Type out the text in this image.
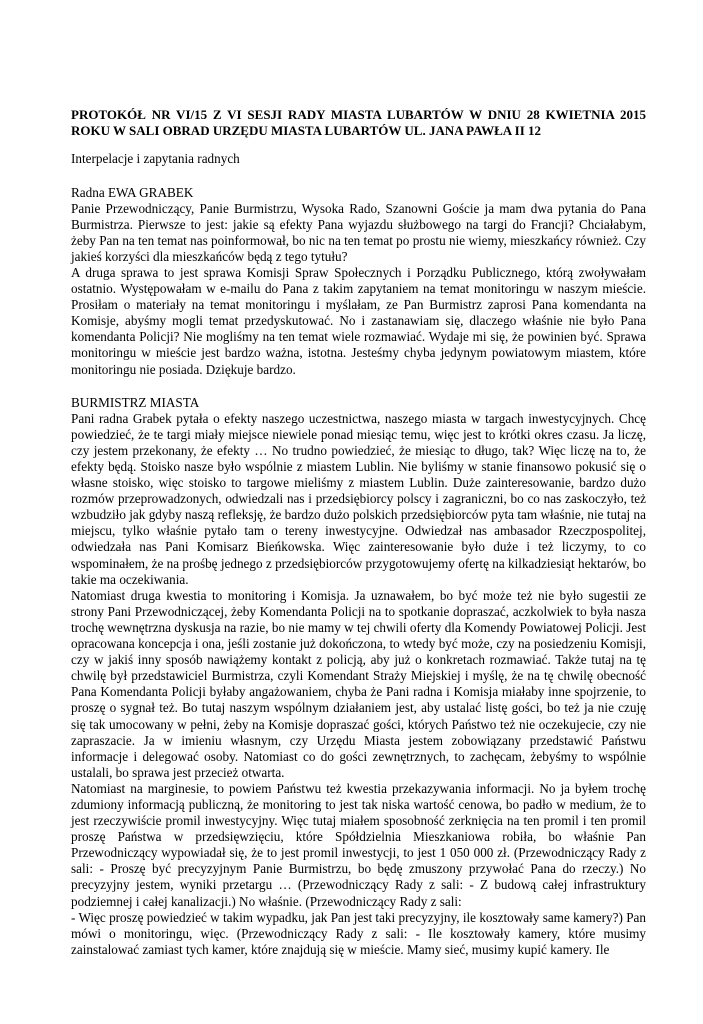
PROTOKÓŁ NR VI/15 Z VI SESJI RADY MIASTA LUBARTÓW W DNIU 28 KWIETNIA 2015 ROKU W SALI OBRAD URZĘDU MIASTA LUBARTÓW UL. JANA PAWŁA II 12

Interpelacje i zapytania radnych

Radna EWA GRABEK

Panie Przewodniczący, Panie Burmistrzu, Wysoka Rado, Szanowni Goście ja mam dwa pytania do Pana Burmistrza. Pierwsze to jest: jakie są efekty Pana wyjazdu służbowego na targi do Francji? Chciałabym, żeby Pan na ten temat nas poinformował, bo nic na ten temat po prostu nie wiemy, mieszkańcy również. Czy jakieś korzyści dla mieszkańców będą z tego tytułu?

A druga sprawa to jest sprawa Komisji Spraw Społecznych i Porządku Publicznego, którą zwoływałam ostatnio. Występowałam w e-mailu do Pana z takim zapytaniem na temat monitoringu w naszym mieście. Prosiłam o materiały na temat monitoringu i myślałam, ze Pan Burmistrz zaprosi Pana komendanta na Komisje, abyśmy mogli temat przedyskutować. No i zastanawiam się, dlaczego właśnie nie było Pana komendanta Policji? Nie mogliśmy na ten temat wiele rozmawiać. Wydaje mi się, że powinien być. Sprawa monitoringu w mieście jest bardzo ważna, istotna. Jesteśmy chyba jedynym powiatowym miastem, które monitoringu nie posiada. Dziękuje bardzo.

BURMISTRZ MIASTA

Pani radna Grabek pytała o efekty naszego uczestnictwa, naszego miasta w targach inwestycyjnych. Chcę powiedzieć, że te targi miały miejsce niewiele ponad miesiąc temu, więc jest to krótki okres czasu. Ja liczę, czy jestem przekonany, że efekty … No trudno powiedzieć, że miesiąc to długo, tak? Więc liczę na to, że efekty będą. Stoisko nasze było wspólnie z miastem Lublin. Nie byliśmy w stanie finansowo pokusić się o własne stoisko, więc stoisko to targowe mieliśmy z miastem Lublin. Duże zainteresowanie, bardzo dużo rozmów przeprowadzonych, odwiedzali nas i przedsiębiorcy polscy i zagraniczni, bo co nas zaskoczyło, też wzbudziło jak gdyby naszą refleksję, że bardzo dużo polskich przedsiębiorców pyta tam właśnie, nie tutaj na miejscu, tylko właśnie pytało tam o tereny inwestycyjne. Odwiedzał nas ambasador Rzeczpospolitej, odwiedzała nas Pani Komisarz Bieńkowska. Więc zainteresowanie było duże i też liczymy, to co wspominałem, że na prośbę jednego z przedsiębiorców przygotowujemy ofertę na kilkadziesiąt hektarów, bo takie ma oczekiwania.

Natomiast druga kwestia to monitoring i Komisja. Ja uznawałem, bo być może też nie było sugestii ze strony Pani Przewodniczącej, żeby Komendanta Policji na to spotkanie dopraszać, aczkolwiek to była nasza trochę wewnętrzna dyskusja na razie, bo nie mamy w tej chwili oferty dla Komendy Powiatowej Policji. Jest opracowana koncepcja i ona, jeśli zostanie już dokończona, to wtedy być może, czy na posiedzeniu Komisji, czy w jakiś inny sposób nawiążemy kontakt z policją, aby już o konkretach rozmawiać. Także tutaj na tę chwilę był przedstawiciel Burmistrza, czyli Komendant Straży Miejskiej i myślę, że na tę chwilę obecność Pana Komendanta Policji byłaby angażowaniem, chyba że Pani radna i Komisja miałaby inne spojrzenie, to proszę o sygnał też. Bo tutaj naszym wspólnym działaniem jest, aby ustalać listę gości, bo też ja nie czuję się tak umocowany w pełni, żeby na Komisje dopraszać gości, których Państwo też nie oczekujecie, czy nie zapraszacie. Ja w imieniu własnym, czy Urzędu Miasta jestem zobowiązany przedstawić Państwu informacje i delegować osoby. Natomiast co do gości zewnętrznych, to zachęcam, żebyśmy to wspólnie ustalali, bo sprawa jest przecież otwarta.

Natomiast na marginesie, to powiem Państwu też kwestia przekazywania informacji. No ja byłem trochę zdumiony informacją publiczną, że monitoring to jest tak niska wartość cenowa, bo padło w medium, że to jest rzeczywiście promil inwestycyjny. Więc tutaj miałem sposobność zerknięcia na ten promil i ten promil proszę Państwa w przedsięwzięciu, które Spółdzielnia Mieszkaniowa robiła, bo właśnie Pan Przewodniczący wypowiadał się, że to jest promil inwestycji, to jest 1 050 000 zł. (Przewodniczący Rady z sali: - Proszę być precyzyjnym Panie Burmistrzu, bo będę zmuszony przywołać Pana do rzeczy.) No precyzyjny jestem, wyniki przetargu … (Przewodniczący Rady z sali: - Z budową całej infrastruktury podziemnej i całej kanalizacji.) No właśnie. (Przewodniczący Rady z sali:

- Więc proszę powiedzieć w takim wypadku, jak Pan jest taki precyzyjny, ile kosztowały same kamery?) Pan mówi o monitoringu, więc. (Przewodniczący Rady z sali: - Ile kosztowały kamery, które musimy zainstalować zamiast tych kamer, które znajdują się w mieście. Mamy sieć, musimy kupić kamery. Ile
